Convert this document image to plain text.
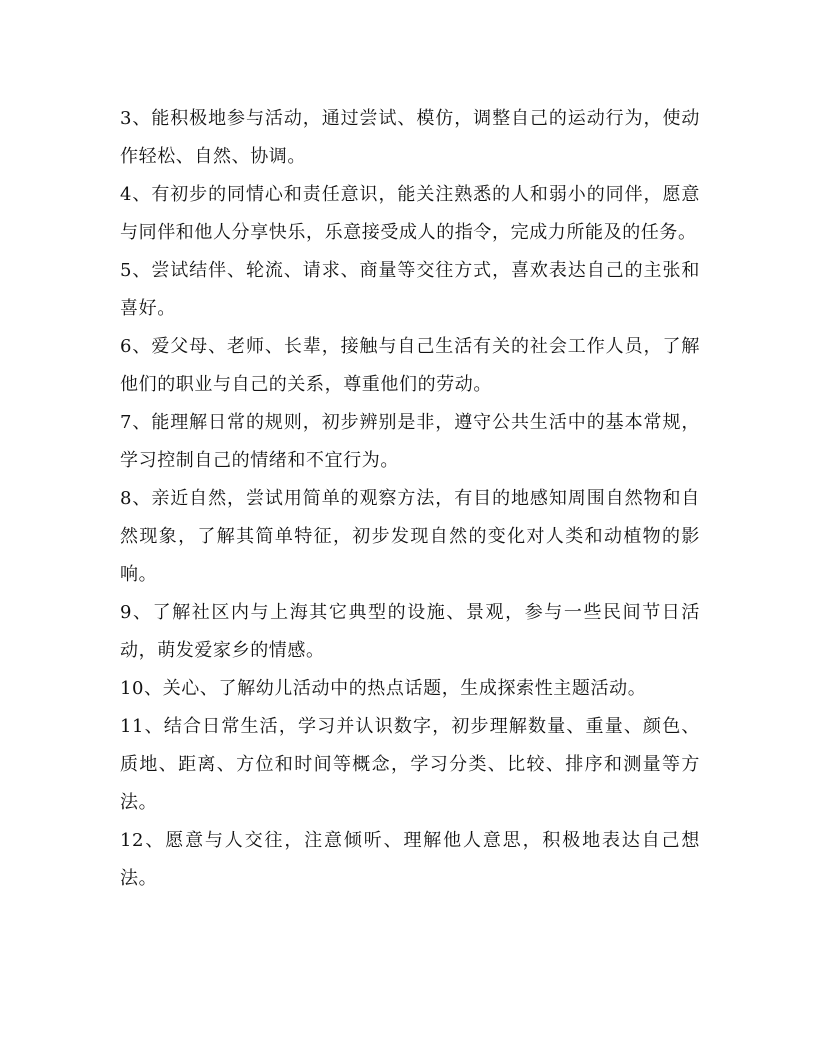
3、能积极地参与活动，通过尝试、模仿，调整自己的运动行为，使动作轻松、自然、协调。

4、有初步的同情心和责任意识，能关注熟悉的人和弱小的同伴，愿意与同伴和他人分享快乐，乐意接受成人的指令，完成力所能及的任务。

5、尝试结伴、轮流、请求、商量等交往方式，喜欢表达自己的主张和喜好。

6、爱父母、老师、长辈，接触与自己生活有关的社会工作人员，了解他们的职业与自己的关系，尊重他们的劳动。

7、能理解日常的规则，初步辨别是非，遵守公共生活中的基本常规，学习控制自己的情绪和不宜行为。

8、亲近自然，尝试用简单的观察方法，有目的地感知周围自然物和自然现象，了解其简单特征，初步发现自然的变化对人类和动植物的影响。

9、了解社区内与上海其它典型的设施、景观，参与一些民间节日活动，萌发爱家乡的情感。

10、关心、了解幼儿活动中的热点话题，生成探索性主题活动。

11、结合日常生活，学习并认识数字，初步理解数量、重量、颜色、质地、距离、方位和时间等概念，学习分类、比较、排序和测量等方法。

12、愿意与人交往，注意倾听、理解他人意思，积极地表达自己想法。
